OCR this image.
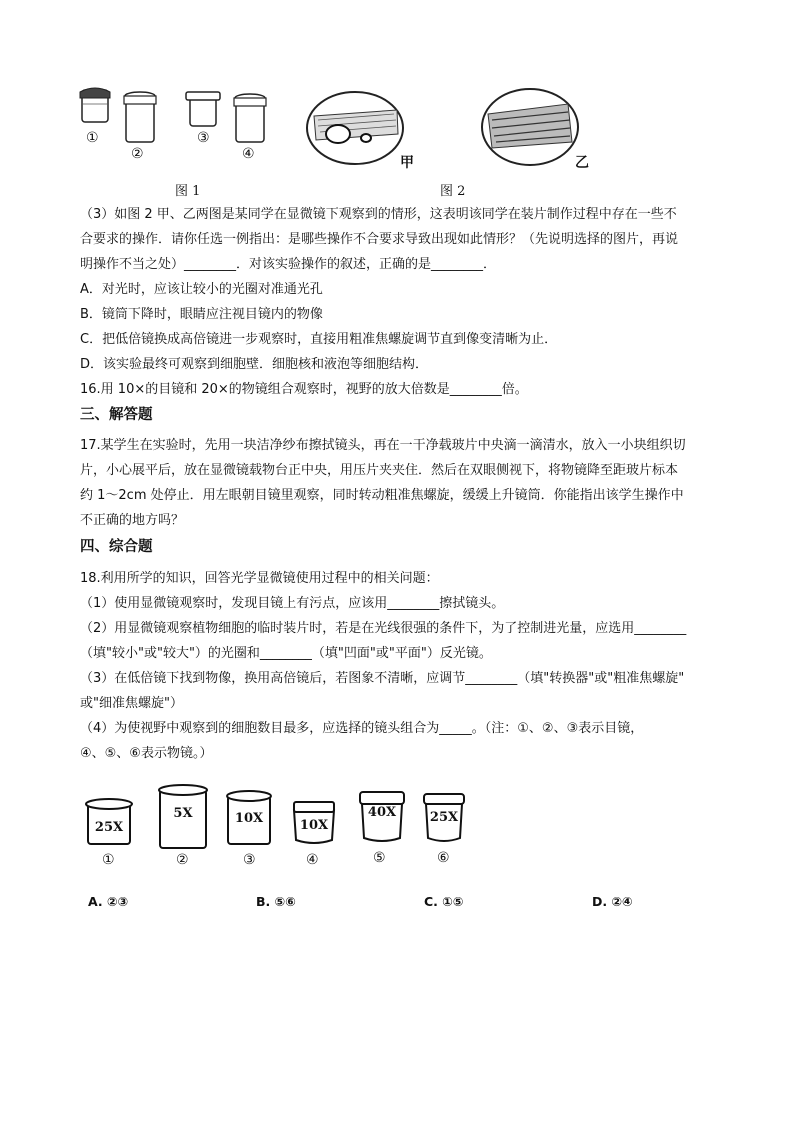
①
②
③
④
甲	乙
图 1	图 2
（3）如图 2 甲、乙两图是某同学在显微镜下观察到的情形，这表明该同学在装片制作过程中存在一些不
合要求的操作．请你任选一例指出：是哪些操作不合要求导致出现如此情形？（先说明选择的图片，再说
明操作不当之处）________．对该实验操作的叙述，正确的是________．
A．对光时，应该让较小的光圈对准通光孔
B．镜筒下降时，眼睛应注视目镜内的物像
C．把低倍镜换成高倍镜进一步观察时，直接用粗准焦螺旋调节直到像变清晰为止．
D．该实验最终可观察到细胞壁．细胞核和液泡等细胞结构．
16.用 10×的目镜和 20×的物镜组合观察时，视野的放大倍数是________倍。
三、解答题
17.某学生在实验时，先用一块洁净纱布擦拭镜头，再在一干净载玻片中央滴一滴清水，放入一小块组织切
片，小心展平后，放在显微镜载物台正中央，用压片夹夹住．然后在双眼侧视下，将物镜降至距玻片标本
约 1～2cm 处停止．用左眼朝目镜里观察，同时转动粗准焦螺旋，缓缓上升镜筒．你能指出该学生操作中
不正确的地方吗？
四、综合题
18.利用所学的知识，回答光学显微镜使用过程中的相关问题：
（1）使用显微镜观察时，发现目镜上有污点，应该用________擦拭镜头。
（2）用显微镜观察植物细胞的临时装片时，若是在光线很强的条件下，为了控制进光量，应选用________
（填"较小"或"较大"）的光圈和________（填"凹面"或"平面"）反光镜。
（3）在低倍镜下找到物像，换用高倍镜后，若图象不清晰，应调节________（填"转换器"或"粗准焦螺旋"
或"细准焦螺旋"）
（4）为使视野中观察到的细胞数目最多，应选择的镜头组合为_____。（注：①、②、③表示目镜，
④、⑤、⑥表示物镜。）
25X
5X	10X	10X
40X	25X
①	②	③	④	⑤	⑥
A. ②③	B. ⑤⑥	C. ①⑤	D. ②④
